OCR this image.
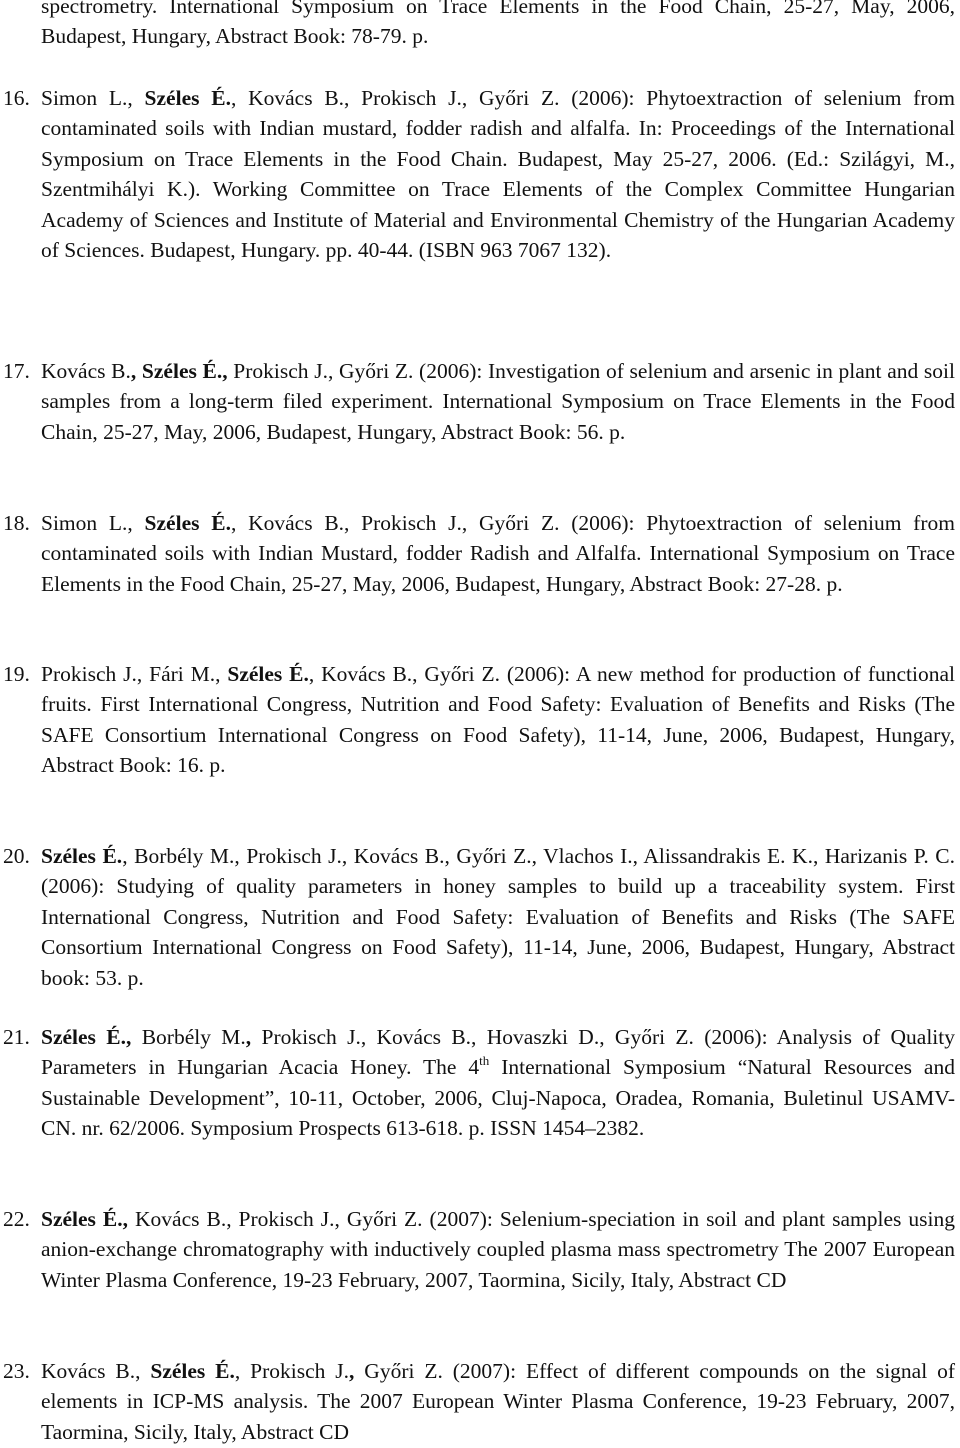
spectrometry. International Symposium on Trace Elements in the Food Chain, 25-27, May, 2006, Budapest, Hungary, Abstract Book: 78-79. p.
16. Simon L., Széles É., Kovács B., Prokisch J., Győri Z. (2006): Phytoextraction of selenium from contaminated soils with Indian mustard, fodder radish and alfalfa. In: Proceedings of the International Symposium on Trace Elements in the Food Chain. Budapest, May 25-27, 2006. (Ed.: Szilágyi, M., Szentmihályi K.). Working Committee on Trace Elements of the Complex Committee Hungarian Academy of Sciences and Institute of Material and Environmental Chemistry of the Hungarian Academy of Sciences. Budapest, Hungary. pp. 40-44. (ISBN 963 7067 132).
17. Kovács B., Széles É., Prokisch J., Győri Z. (2006): Investigation of selenium and arsenic in plant and soil samples from a long-term filed experiment. International Symposium on Trace Elements in the Food Chain, 25-27, May, 2006, Budapest, Hungary, Abstract Book: 56. p.
18. Simon L., Széles É., Kovács B., Prokisch J., Győri Z. (2006): Phytoextraction of selenium from contaminated soils with Indian Mustard, fodder Radish and Alfalfa. International Symposium on Trace Elements in the Food Chain, 25-27, May, 2006, Budapest, Hungary, Abstract Book: 27-28. p.
19. Prokisch J., Fári M., Széles É., Kovács B., Győri Z. (2006): A new method for production of functional fruits. First International Congress, Nutrition and Food Safety: Evaluation of Benefits and Risks (The SAFE Consortium International Congress on Food Safety), 11-14, June, 2006, Budapest, Hungary, Abstract Book: 16. p.
20. Széles É., Borbély M., Prokisch J., Kovács B., Győri Z., Vlachos I., Alissandrakis E. K., Harizanis P. C. (2006): Studying of quality parameters in honey samples to build up a traceability system. First International Congress, Nutrition and Food Safety: Evaluation of Benefits and Risks (The SAFE Consortium International Congress on Food Safety), 11-14, June, 2006, Budapest, Hungary, Abstract book: 53. p.
21. Széles É., Borbély M., Prokisch J., Kovács B., Hovaszki D., Győri Z. (2006): Analysis of Quality Parameters in Hungarian Acacia Honey. The 4th International Symposium “Natural Resources and Sustainable Development”, 10-11, October, 2006, Cluj-Napoca, Oradea, Romania, Buletinul USAMV-CN. nr. 62/2006. Symposium Prospects 613-618. p. ISSN 1454–2382.
22. Széles É., Kovács B., Prokisch J., Győri Z. (2007): Selenium-speciation in soil and plant samples using anion-exchange chromatography with inductively coupled plasma mass spectrometry The 2007 European Winter Plasma Conference, 19-23 February, 2007, Taormina, Sicily, Italy, Abstract CD
23. Kovács B., Széles É., Prokisch J., Győri Z. (2007): Effect of different compounds on the signal of elements in ICP-MS analysis. The 2007 European Winter Plasma Conference, 19-23 February, 2007, Taormina, Sicily, Italy, Abstract CD
